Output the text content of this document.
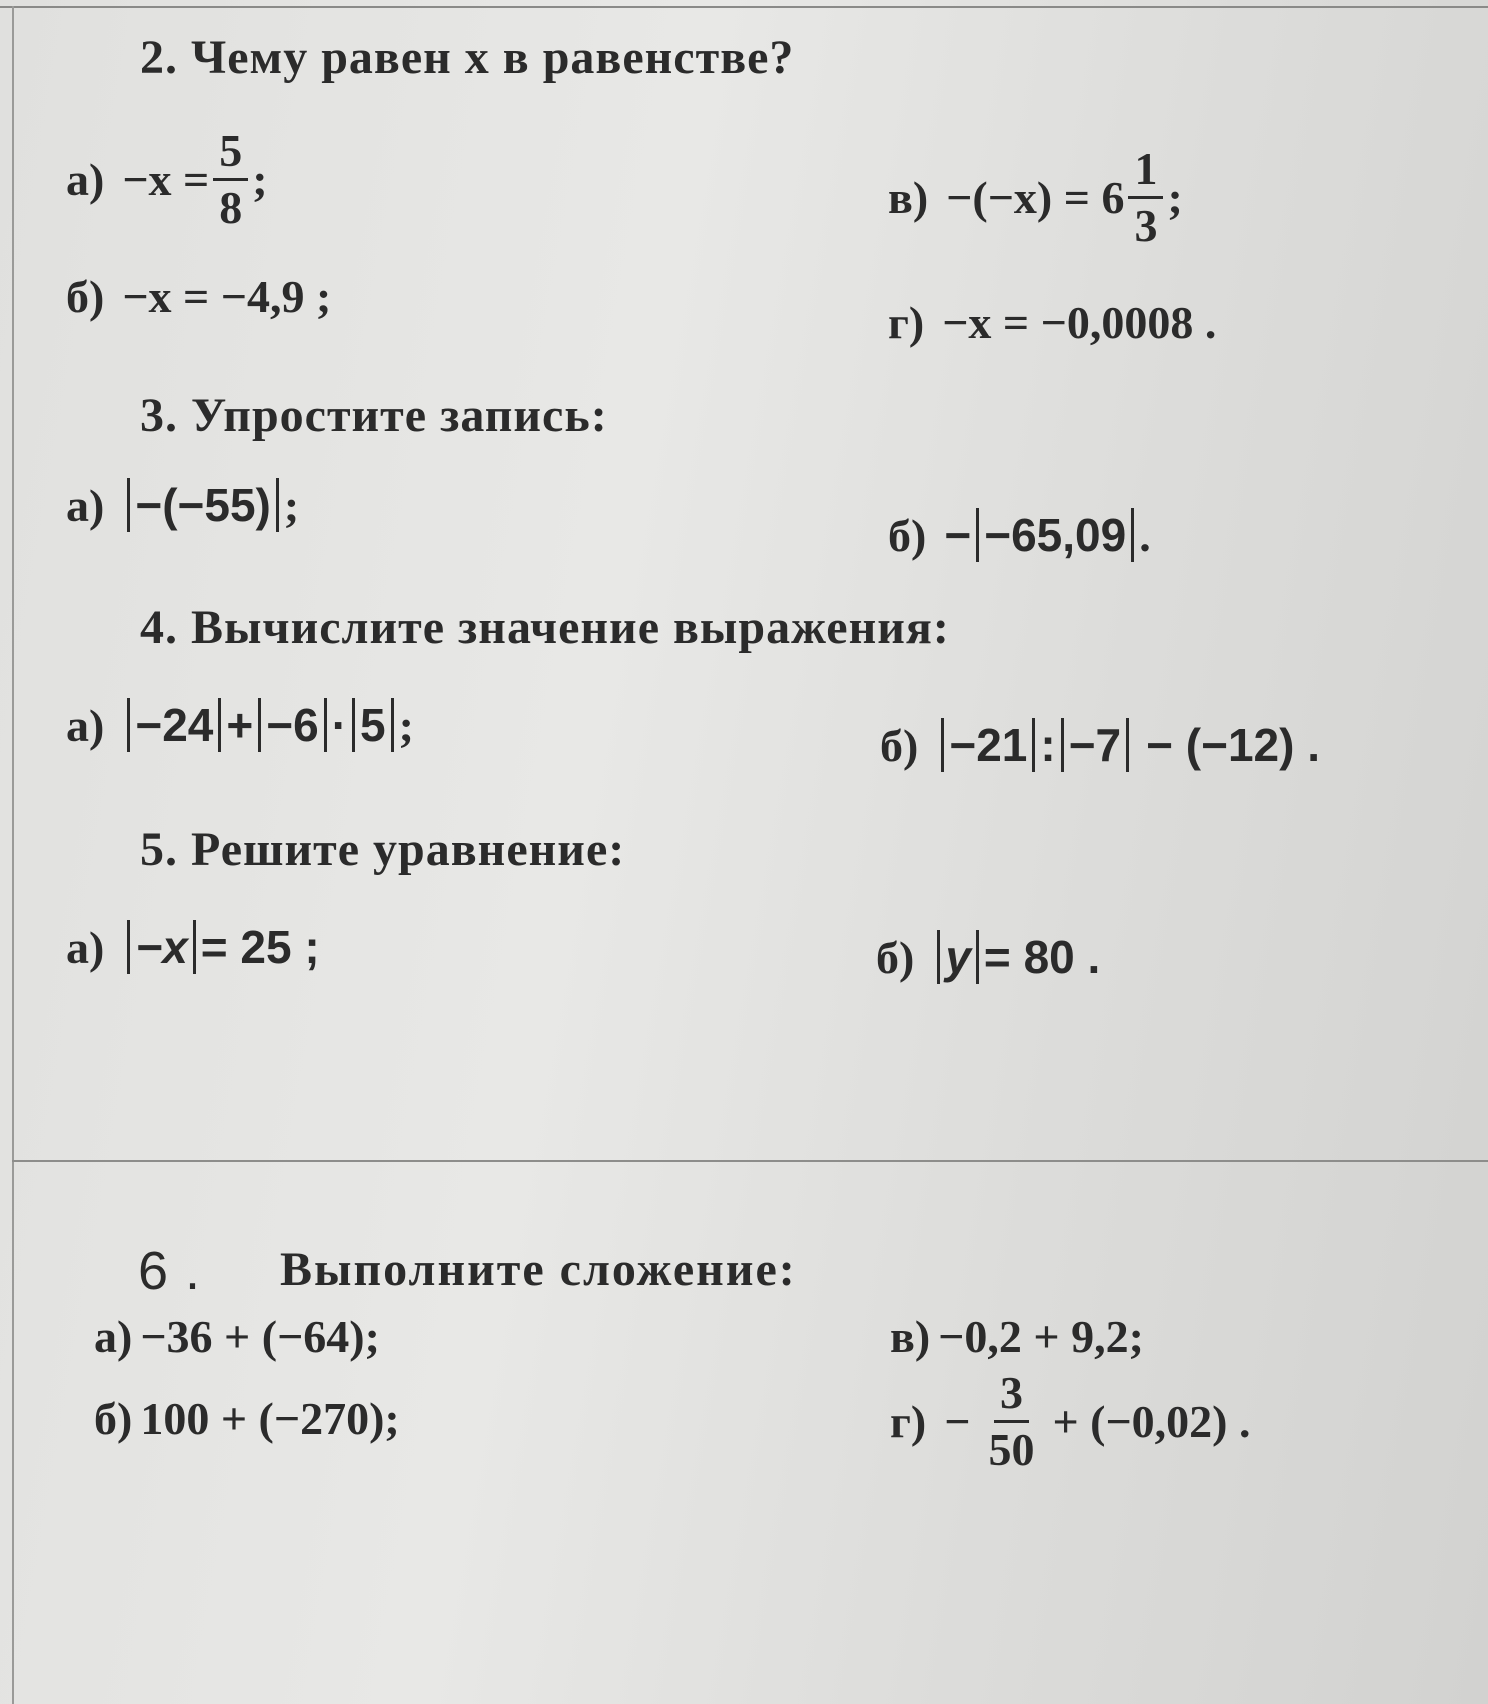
2. Чему равен x в равенстве?
$а) -x = \frac{5}{8}$ ;
б) −x = −4,9 ;
$в) -(-x) = 6 \frac{1}{3}$ ;
г) −x = −0,0008 .
3. Упростите запись:
а) −(−55) ;
б) − −65,09 .
4. Вычислите значение выражения:
а) −24 + −6 · 5 ;	б) −21 : −7 − (−12) .
5. Решите уравнение:
а) −x = 25 ;	б) y = 80 .
6 . Выполните сложение:
а) −36 + (−64);
б) 100 + (−270);
в) −0,2 + 9,2;
$г) - \frac{3}{50} + (-0,02)$ .
